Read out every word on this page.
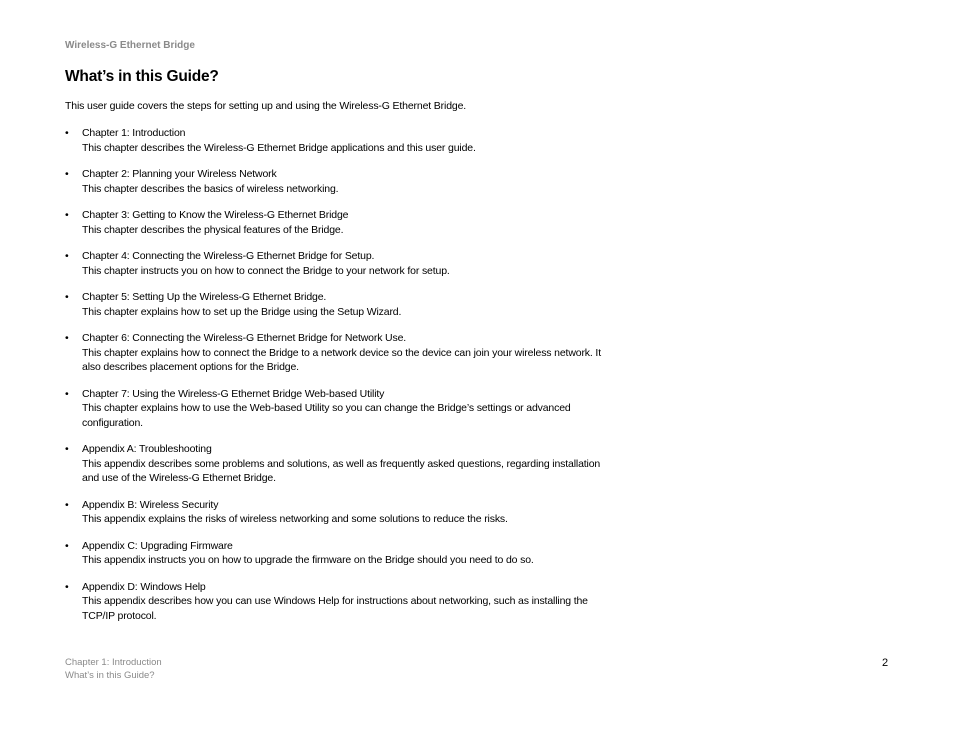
Wireless-G Ethernet Bridge
What’s in this Guide?

This user guide covers the steps for setting up and using the Wireless-G Ethernet Bridge.

• Chapter 1: Introduction
This chapter describes the Wireless-G Ethernet Bridge applications and this user guide.
• Chapter 2: Planning your Wireless Network
This chapter describes the basics of wireless networking.
• Chapter 3: Getting to Know the Wireless-G Ethernet Bridge
This chapter describes the physical features of the Bridge.
• Chapter 4: Connecting the Wireless-G Ethernet Bridge for Setup.
This chapter instructs you on how to connect the Bridge to your network for setup.
• Chapter 5: Setting Up the Wireless-G Ethernet Bridge.
This chapter explains how to set up the Bridge using the Setup Wizard.
• Chapter 6: Connecting the Wireless-G Ethernet Bridge for Network Use.
This chapter explains how to connect the Bridge to a network device so the device can join your wireless network. It also describes placement options for the Bridge.
• Chapter 7: Using the Wireless-G Ethernet Bridge Web-based Utility
This chapter explains how to use the Web-based Utility so you can change the Bridge’s settings or advanced configuration.
• Appendix A: Troubleshooting
This appendix describes some problems and solutions, as well as frequently asked questions, regarding installation and use of the Wireless-G Ethernet Bridge.
• Appendix B: Wireless Security
This appendix explains the risks of wireless networking and some solutions to reduce the risks.
• Appendix C: Upgrading Firmware
This appendix instructs you on how to upgrade the firmware on the Bridge should you need to do so.
• Appendix D: Windows Help
This appendix describes how you can use Windows Help for instructions about networking, such as installing the TCP/IP protocol.
Chapter 1: Introduction
What’s in this Guide?
2
